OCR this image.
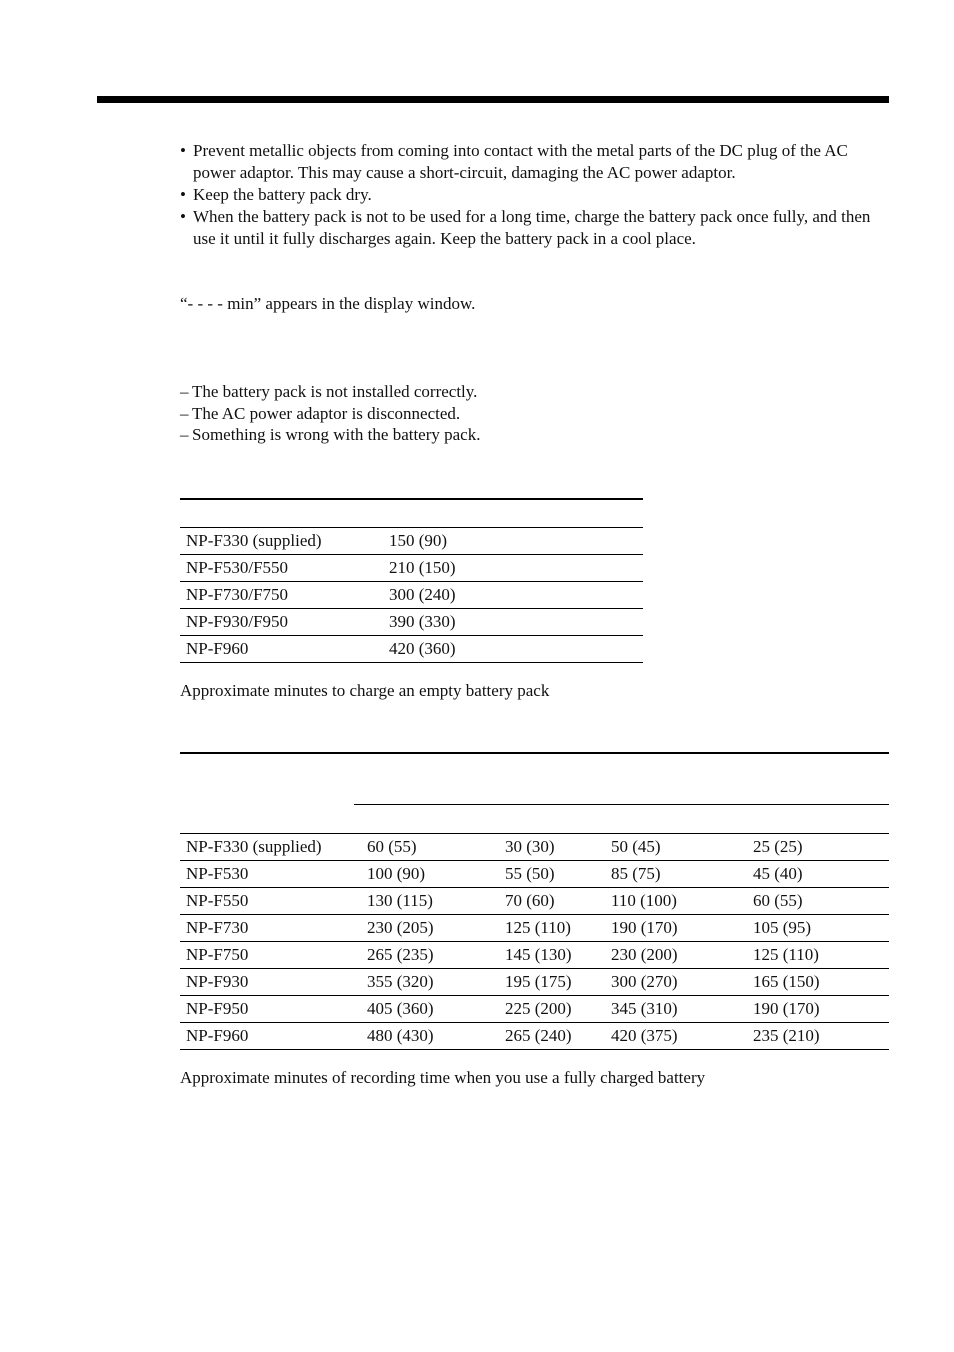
• Prevent metallic objects from coming into contact with the metal parts of the DC plug of the AC power adaptor. This may cause a short-circuit, damaging the AC power adaptor.
• Keep the battery pack dry.
• When the battery pack is not to be used for a long time, charge the battery pack once fully, and then use it until it fully discharges again. Keep the battery pack in a cool place.
“- - - - min” appears in the display window.
– The battery pack is not installed correctly.
– The AC power adaptor is disconnected.
– Something is wrong with the battery pack.

NP-F330 (supplied)	150 (90)
NP-F530/F550	210 (150)
NP-F730/F750	300 (240)
NP-F930/F950	390 (330)
NP-F960	420 (360)
Approximate minutes to charge an empty battery pack
NP-F330 (supplied)	60 (55)	30 (30)	50 (45)	25 (25)
NP-F530	100 (90)	55 (50)	85 (75)	45 (40)
NP-F550	130 (115)	70 (60)	110 (100)	60 (55)
NP-F730	230 (205)	125 (110)	190 (170)	105 (95)
NP-F750	265 (235)	145 (130)	230 (200)	125 (110)
NP-F930	355 (320)	195 (175)	300 (270)	165 (150)
NP-F950	405 (360)	225 (200)	345 (310)	190 (170)
NP-F960	480 (430)	265 (240)	420 (375)	235 (210)
Approximate minutes of recording time when you use a fully charged battery
